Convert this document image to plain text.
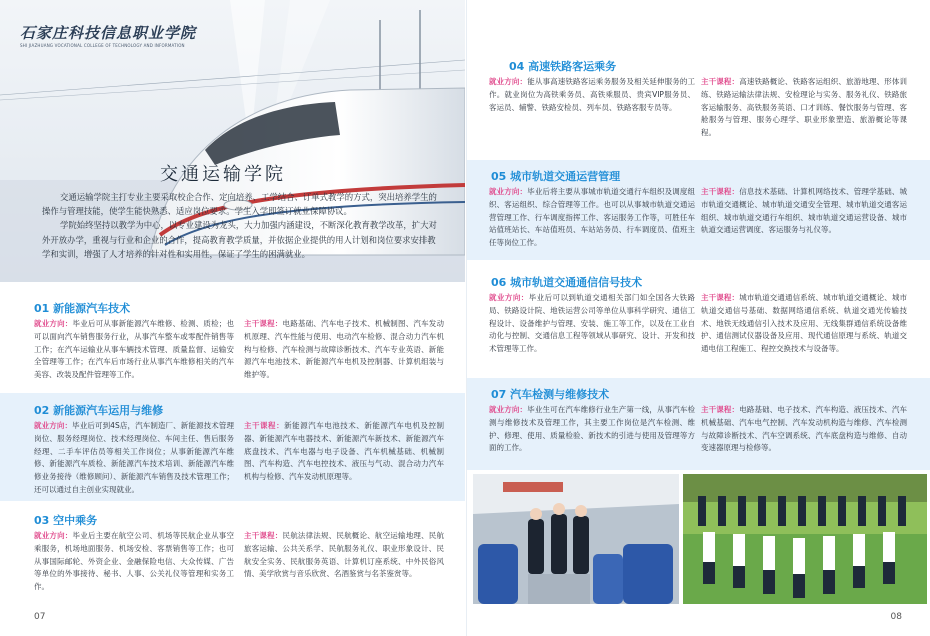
石家庄科技信息职业学院
SHI JIAZHUANG VOCATIONAL COLLEGE OF TECHNOLOGY AND INFORMATION
交通运输学院

交通运输学院主打专业主要采取校企合作、定向培养、工学结合、订单式教学的方式，突出培养学生的操作与管理技能，使学生能快熟悉、适应岗位要求。学生入学即签订就业保障协议。

学院始终坚持以教学为中心，以专业建设为龙头，大力加强内涵建设，不断深化教育教学改革，扩大对外开放办学，重视与行业和企业的合作，提高教育教学质量，并依据企业提供的用人计划和岗位要求安排教学和实训，增强了人才培养的针对性和实用性，保证了学生的困满就业。

01 新能源汽车技术
就业方向：毕业后可从事新能源汽车维修、检测、质检；也可以面向汽车销售服务行业，从事汽车整车或零配件销售等工作；在汽车运输业从事车辆技术管理、质量监督、运输安全管理等工作；在汽车后市场行业从事汽车维修相关的汽车美容、改装及配件管理等工作。
主干课程：电路基础、汽车电子技术、机械制图、汽车发动机原理、汽车性能与使用、电动汽车检修、混合动力汽车机构与检修、汽车检测与故障诊断技术、汽车专业英语、新能源汽车电池技术、新能源汽车电机及控制器、计算机组装与维护等。
02 新能源汽车运用与维修
就业方向：毕业后可到4S店，汽车制造厂、新能源技术管理岗位、服务经理岗位、技术经理岗位、车间主任、售后服务经理、二手车评估员等相关工作岗位；从事新能源汽车维修、新能源汽车质检、新能源汽车技术培训、新能源汽车维修业务接待（维修顾问）、新能源汽车销售及技术管理工作；还可以通过自主创业实现就业。
主干课程：新能源汽车电池技术、新能源汽车电机及控制器、新能源汽车电器技术、新能源汽车新技术、新能源汽车底盘技术、汽车电器与电子设备、汽车机械基础、机械制图、汽车构造、汽车电控技术、液压与气动、混合动力汽车机构与检修、汽车发动机原理等。
03 空中乘务
就业方向：毕业后主要在航空公司、机场等民航企业从事空乘服务，机场地面服务、机场安检、客票销售等工作；也可从事国际邮轮、外资企业、金融保险电信、大众传媒、广告等单位的外事接待、秘书、人事、公关礼仪等管理和实务工作。
主干课程：民航法律法规、民航概论、航空运输地理、民航旅客运输、公共关系学、民航服务礼仪、职业形象设计、民航安全实务、民航服务英语、计算机订座系统、中外民俗风情、美学欣赏与音乐欣赏、名酒鉴赏与名茶鉴赏等。
07
04 高速铁路客运乘务
就业方向：能从事高速铁路客运乘务服务及相关延伸服务的工作。就业岗位为高铁乘务员、高铁乘服员、贵宾VIP服务员、客运员、辅警、铁路安检员、列车员、铁路客服专员等。
主干课程：高速铁路概论、铁路客运组织、旅游地理、形体训练、铁路运输法律法规、安检理论与实务、服务礼仪、铁路旅客运输服务、高铁服务英语、口才训练、餐饮服务与管理、客舱服务与管理、服务心理学、职业形象塑造、旅游概论等课程。
05 城市轨道交通运营管理
就业方向：毕业后将主要从事城市轨道交通行车组织及调度组织、客运组织、综合管理等工作。也可以从事城市轨道交通运营管理工作、行车调度指挥工作、客运服务工作等，可胜任车站值班站长、车站值班员、车站站务员、行车调度员、值班主任等岗位工作。
主干课程：信息技术基础、计算机网络技术、管理学基础、城市轨道交通概论、城市轨道交通安全管理、城市轨道交通客运组织、城市轨道交通行车组织、城市轨道交通运营设备、城市轨道交通运营调度、客运服务与礼仪等。
06 城市轨道交通通信信号技术
就业方向：毕业后可以到轨道交通相关部门如全国各大铁路局、铁路设计院、地铁运营公司等单位从事科学研究、通信工程设计、设备维护与管理、安装、施工等工作，以及在工业自动化与控制、交通信息工程等领域从事研究、设计、开发和技术管理等工作。
主干课程：城市轨道交通通信系统、城市轨道交通概论、城市轨道交通信号基础、数据网络通信系统、轨道交通光传输技术、地铁无线通信引入技术及应用、无线集群通信系统设备维护、通信测试仪器设备及应用、现代通信原理与系统、轨道交通电信工程施工、程控交换技术与设备等。
07 汽车检测与维修技术
就业方向：毕业生可在汽车维修行业生产第一线，从事汽车检测与维修技术及管理工作，其主要工作岗位是汽车检测、维护、修理、使用、质量检验、新技术的引进与使用及管理等方面的工作。
主干课程：电路基础、电子技术、汽车构造、液压技术、汽车机械基础、汽车电气控制、汽车发动机构造与维修、汽车检测与故障诊断技术、汽车空调系统、汽车底盘构造与维修、自动变速器原理与检修等。
08
